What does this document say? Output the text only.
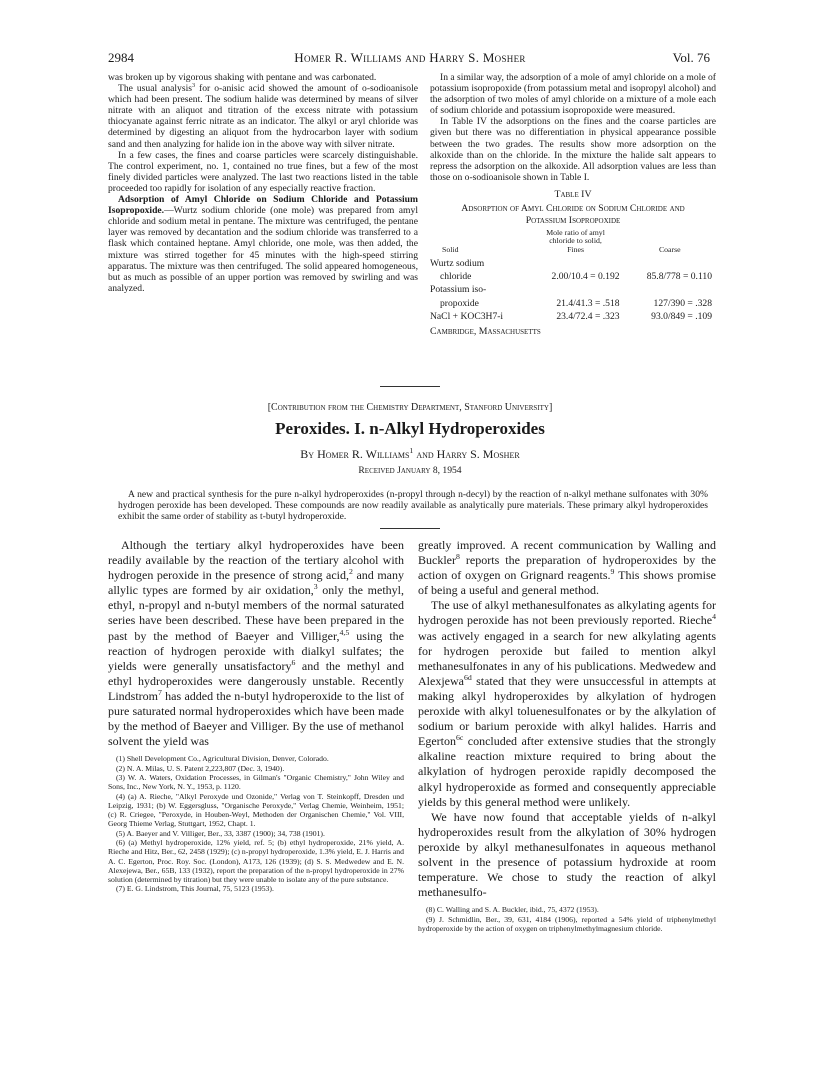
2984	Homer R. Williams and Harry S. Mosher	Vol. 76

was broken up by vigorous shaking with pentane and was carbonated.

The usual analysis$^3$ for o-anisic acid showed the amount of o-sodioanisole which had been present. The sodium halide was determined by means of silver nitrate with an aliquot and titration of the excess nitrate with potassium thiocyanate against ferric nitrate as an indicator. The alkyl or aryl chloride was determined by digesting an aliquot from the hydrocarbon layer with sodium sand and then analyzing for halide ion in the above way with silver nitrate.

In a few cases, the fines and coarse particles were scarcely distinguishable. The control experiment, no. 1, contained no true fines, but a few of the most finely divided particles were analyzed. The last two reactions listed in the table proceeded too rapidly for isolation of any especially reactive fraction.

Adsorption of Amyl Chloride on Sodium Chloride and Potassium Isopropoxide.—Wurtz sodium chloride (one mole) was prepared from amyl chloride and sodium metal in pentane. The mixture was centrifuged, the pentane layer was removed by decantation and the sodium chloride was transferred to a flask which contained heptane. Amyl chloride, one mole, was then added, the mixture was stirred together for 45 minutes with the high-speed stirring apparatus. The mixture was then centrifuged. The solid appeared homogeneous, but as much as possible of an upper portion was removed by swirling and was analyzed.

In a similar way, the adsorption of a mole of amyl chloride on a mole of potassium isopropoxide (from potassium metal and isopropyl alcohol) and the adsorption of two moles of amyl chloride on a mixture of a mole each of sodium chloride and potassium isopropoxide were measured.

In Table IV the adsorptions on the fines and the coarse particles are given but there was no differentiation in physical appearance possible between the two grades. The results show more adsorption on the alkoxide than on the chloride. In the mixture the halide salt appears to repress the adsorption on the alkoxide. All adsorption values are less than those on o-sodioanisole shown in Table I.

Table IV
Adsorption of Amyl Chloride on Sodium Chloride and
Potassium Isopropoxide
Solid	Mole ratio of amyl
chloride to solid,
Fines	Coarse
Wurtz sodium		
chloride	2.00/10.4 = 0.192	85.8/778 = 0.110
Potassium iso-		
propoxide	21.4/41.3 = .518	127/390 = .328
NaCl + KOC3H7-i	23.4/72.4 = .323	93.0/849 = .109

Cambridge, Massachusetts

[Contribution from the Chemistry Department, Stanford University]
Peroxides. I. n-Alkyl Hydroperoxides
By Homer R. Williams$^1$ and Harry S. Mosher
Received January 8, 1954

A new and practical synthesis for the pure n-alkyl hydroperoxides (n-propyl through n-decyl) by the reaction of n-alkyl methane sulfonates with 30% hydrogen peroxide has been developed. These compounds are now readily available as analytically pure materials. These primary alkyl hydroperoxides exhibit the same order of stability as t-butyl hydroperoxide.

Although the tertiary alkyl hydroperoxides have been readily available by the reaction of the tertiary alcohol with hydrogen peroxide in the presence of strong acid,$^2$ and many allylic types are formed by air oxidation,$^3$ only the methyl, ethyl, n-propyl and n-butyl members of the normal saturated series have been described. These have been prepared in the past by the method of Baeyer and Villiger,$^{4,5}$ using the reaction of hydrogen peroxide with dialkyl sulfates; the yields were generally unsatisfactory$^6$ and the methyl and ethyl hydroperoxides were dangerously unstable. Recently Lindstrom$^7$ has added the n-butyl hydroperoxide to the list of pure saturated normal hydroperoxides which have been made by the method of Baeyer and Villiger. By the use of methanol solvent the yield was

(1) Shell Development Co., Agricultural Division, Denver, Colorado.

(2) N. A. Milas, U. S. Patent 2,223,807 (Dec. 3, 1940).

(3) W. A. Waters, Oxidation Processes, in Gilman's "Organic Chemistry," John Wiley and Sons, Inc., New York, N. Y., 1953, p. 1120.

(4) (a) A. Rieche, "Alkyl Peroxyde und Ozonide," Verlag von T. Steinkopff, Dresden und Leipzig, 1931; (b) W. Eggersgluss, "Organische Peroxyde," Verlag Chemie, Weinheim, 1951; (c) R. Criegee, "Peroxyde, in Houben-Weyl, Methoden der Organischen Chemie," Vol. VIII, Georg Thieme Verlag, Stuttgart, 1952, Chapt. 1.

(5) A. Baeyer and V. Villiger, Ber., 33, 3387 (1900); 34, 738 (1901).

(6) (a) Methyl hydroperoxide, 12% yield, ref. 5; (b) ethyl hydroperoxide, 21% yield, A. Rieche and Hitz, Ber., 62, 2458 (1929); (c) n-propyl hydroperoxide, 1.3% yield, E. J. Harris and A. C. Egerton, Proc. Roy. Soc. (London), A173, 126 (1939); (d) S. S. Medwedew and E. N. Alexejewa, Ber., 65B, 133 (1932), report the preparation of the n-propyl hydroperoxide in 27% solution (determined by titration) but they were unable to isolate any of the pure substance.

(7) E. G. Lindstrom, This Journal, 75, 5123 (1953).

greatly improved. A recent communication by Walling and Buckler$^8$ reports the preparation of hydroperoxides by the action of oxygen on Grignard reagents.$^9$ This shows promise of being a useful and general method.

The use of alkyl methanesulfonates as alkylating agents for hydrogen peroxide has not been previously reported. Rieche$^4$ was actively engaged in a search for new alkylating agents for hydrogen peroxide but failed to mention alkyl methanesulfonates in any of his publications. Medwedew and Alexjewa$^{6d}$ stated that they were unsuccessful in attempts at making alkyl hydroperoxides by alkylation of hydrogen peroxide with alkyl toluenesulfonates or by the alkylation of sodium or barium peroxide with alkyl halides. Harris and Egerton$^{6c}$ concluded after extensive studies that the strongly alkaline reaction mixture required to bring about the alkylation of hydrogen peroxide rapidly decomposed the alkyl hydroperoxide as formed and consequently appreciable yields by this general method were unlikely.

We have now found that acceptable yields of n-alkyl hydroperoxides result from the alkylation of 30% hydrogen peroxide by alkyl methanesulfonates in aqueous methanol solvent in the presence of potassium hydroxide at room temperature. We chose to study the reaction of alkyl methanesulfo-

(8) C. Walling and S. A. Buckler, ibid., 75, 4372 (1953).

(9) J. Schmidlin, Ber., 39, 631, 4184 (1906), reported a 54% yield of triphenylmethyl hydroperoxide by the action of oxygen on triphenylmethylmagnesium chloride.
